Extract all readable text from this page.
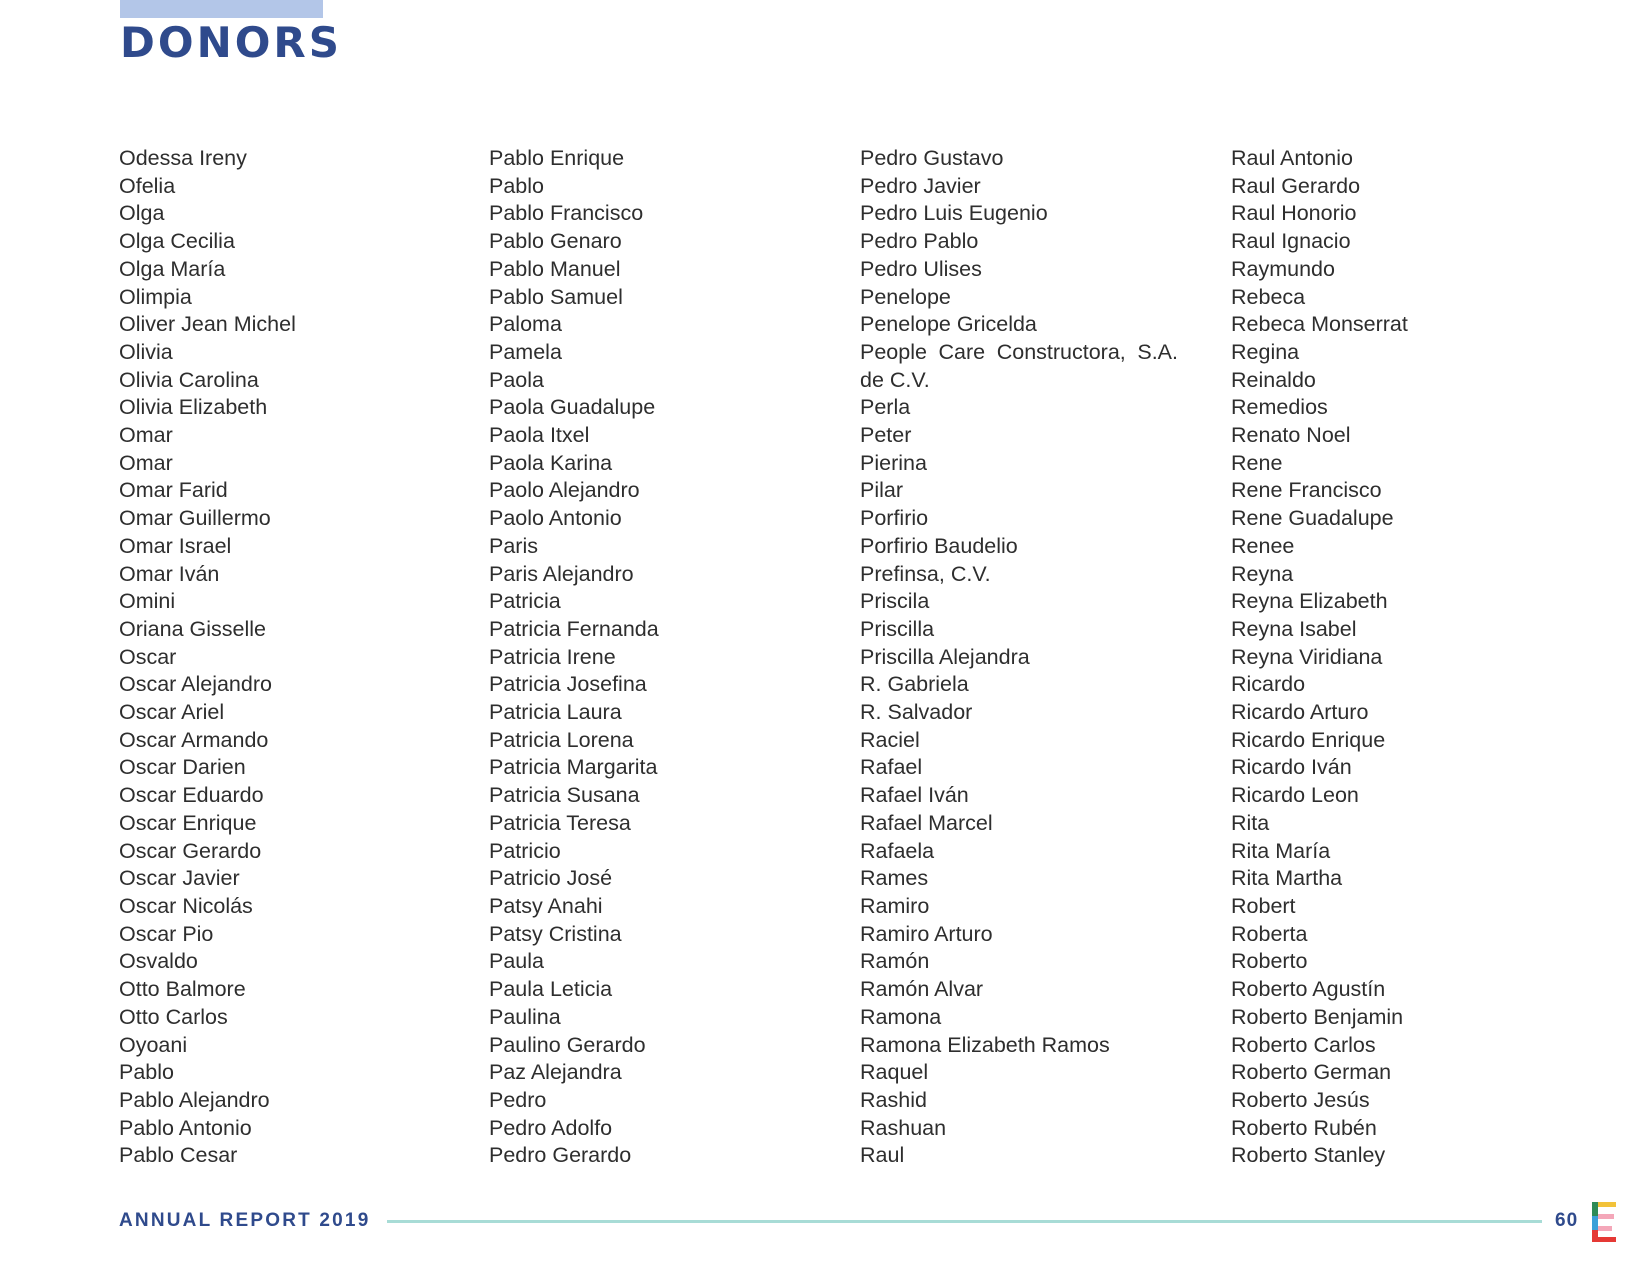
DONORS
Odessa Ireny
Ofelia
Olga
Olga Cecilia
Olga María
Olimpia
Oliver Jean Michel
Olivia
Olivia Carolina
Olivia Elizabeth
Omar
Omar
Omar Farid
Omar Guillermo
Omar Israel
Omar Iván
Omini
Oriana Gisselle
Oscar
Oscar Alejandro
Oscar Ariel
Oscar Armando
Oscar Darien
Oscar Eduardo
Oscar Enrique
Oscar Gerardo
Oscar Javier
Oscar Nicolás
Oscar Pio
Osvaldo
Otto Balmore
Otto Carlos
Oyoani
Pablo
Pablo Alejandro
Pablo Antonio
Pablo Cesar
Pablo Enrique
Pablo
Pablo Francisco
Pablo Genaro
Pablo Manuel
Pablo Samuel
Paloma
Pamela
Paola
Paola Guadalupe
Paola Itxel
Paola Karina
Paolo Alejandro
Paolo Antonio
Paris
Paris Alejandro
Patricia
Patricia Fernanda
Patricia Irene
Patricia Josefina
Patricia Laura
Patricia Lorena
Patricia Margarita
Patricia Susana
Patricia Teresa
Patricio
Patricio José
Patsy Anahi
Patsy Cristina
Paula
Paula Leticia
Paulina
Paulino Gerardo
Paz Alejandra
Pedro
Pedro Adolfo
Pedro Gerardo
Pedro Gustavo
Pedro Javier
Pedro Luis Eugenio
Pedro Pablo
Pedro Ulises
Penelope
Penelope Gricelda
People Care Constructora, S.A. de C.V.
Perla
Peter
Pierina
Pilar
Porfirio
Porfirio Baudelio
Prefinsa, C.V.
Priscila
Priscilla
Priscilla Alejandra
R. Gabriela
R. Salvador
Raciel
Rafael
Rafael Iván
Rafael Marcel
Rafaela
Rames
Ramiro
Ramiro Arturo
Ramón
Ramón Alvar
Ramona
Ramona Elizabeth Ramos
Raquel
Rashid
Rashuan
Raul
Raul Antonio
Raul Gerardo
Raul Honorio
Raul Ignacio
Raymundo
Rebeca
Rebeca Monserrat
Regina
Reinaldo
Remedios
Renato Noel
Rene
Rene Francisco
Rene Guadalupe
Renee
Reyna
Reyna Elizabeth
Reyna Isabel
Reyna Viridiana
Ricardo
Ricardo Arturo
Ricardo Enrique
Ricardo Iván
Ricardo Leon
Rita
Rita María
Rita Martha
Robert
Roberta
Roberto
Roberto Agustín
Roberto Benjamin
Roberto Carlos
Roberto German
Roberto Jesús
Roberto Rubén
Roberto Stanley
ANNUAL REPORT 2019	60
